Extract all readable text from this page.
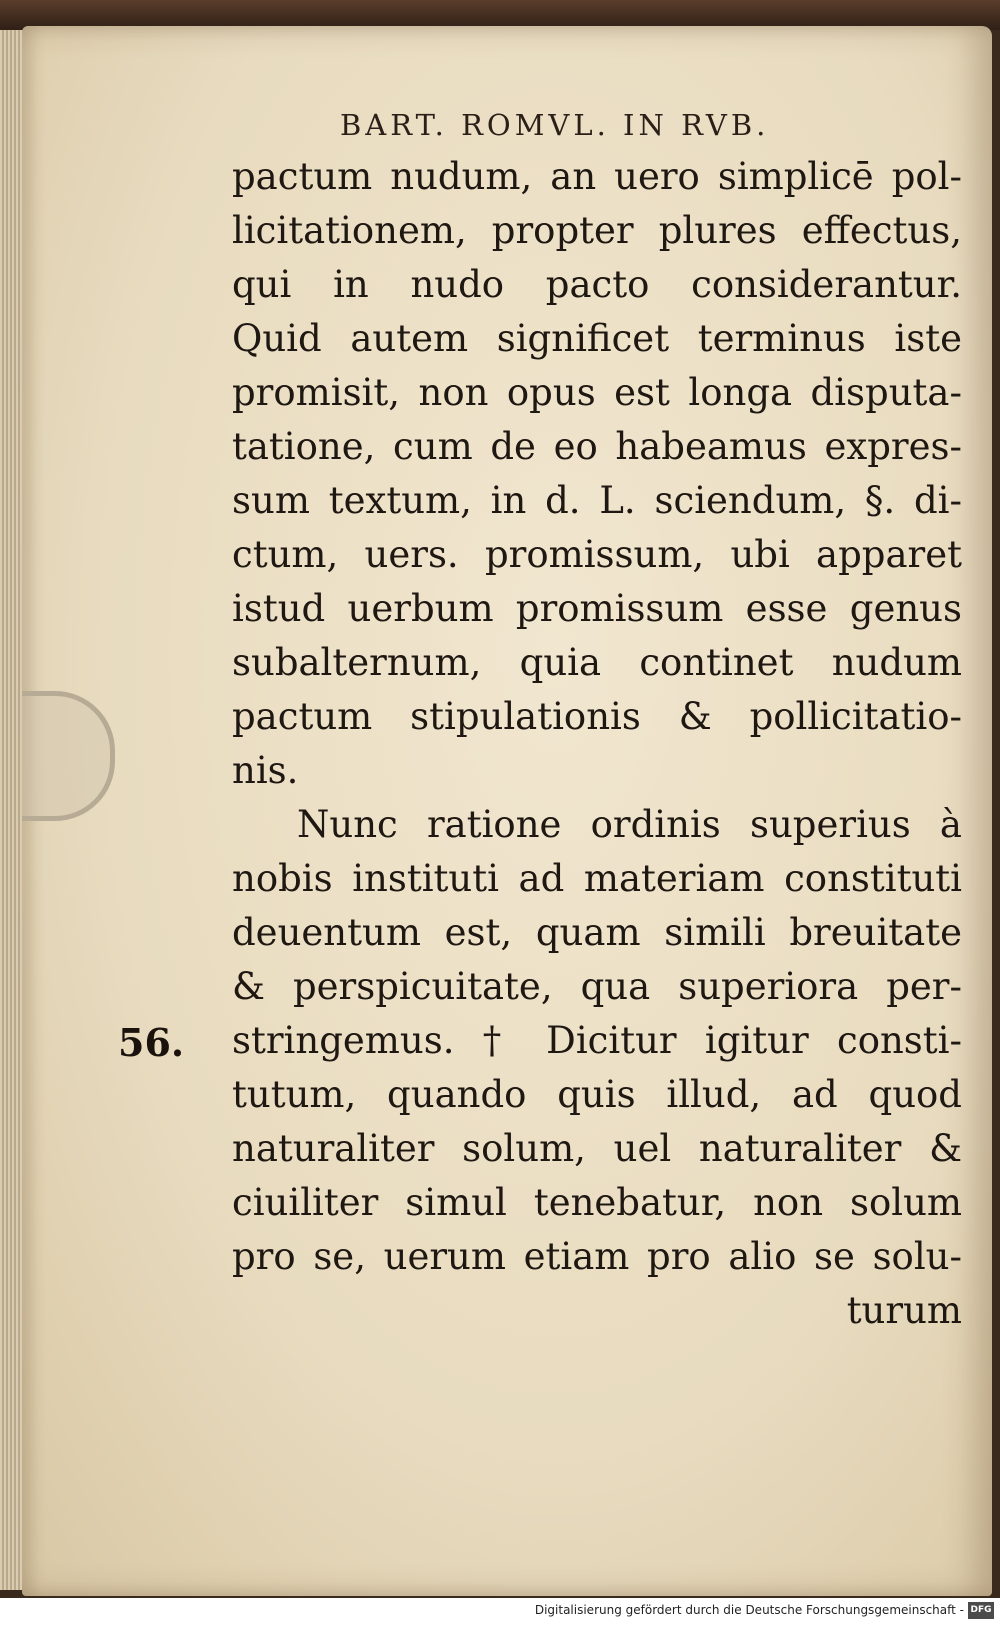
BART. ROMVL. IN RVB.
56.
pactum nudum, an uero simplicē pol-
licitationem, propter plures effectus,
qui in nudo pacto considerantur.
Quid autem significet terminus iste
promisit, non opus est longa disputa-
tatione, cum de eo habeamus expres-
sum textum, in d. L. sciendum, §. di-
ctum, uers. promissum, ubi apparet
istud uerbum promissum esse genus
subalternum, quia continet nudum
pactum stipulationis & pollicitatio-
nis.
Nunc ratione ordinis superius à
nobis instituti ad materiam constituti
deuentum est, quam simili breuitate
& perspicuitate, qua superiora per-
stringemus. † Dicitur igitur consti-
tutum, quando quis illud, ad quod
naturaliter solum, uel naturaliter &
ciuiliter simul tenebatur, non solum
pro se, uerum etiam pro alio se solu-
turum
Digitalisierung gefördert durch die Deutsche Forschungsgemeinschaft - DFG
